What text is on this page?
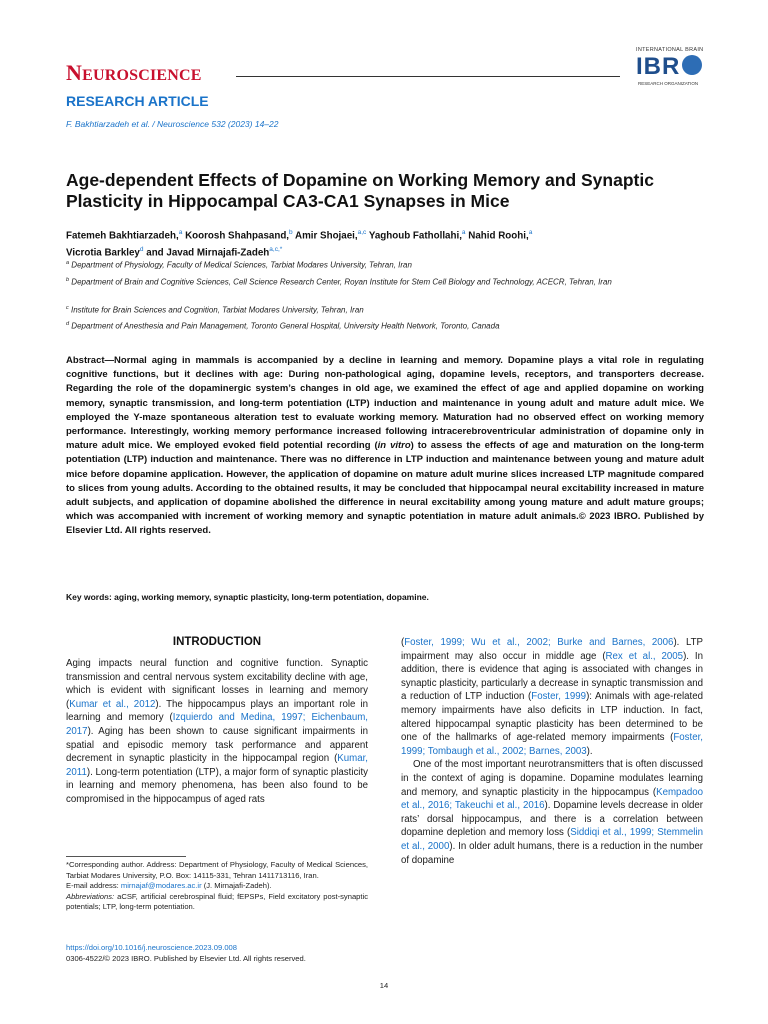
NEUROSCIENCE
INTERNATIONAL BRAIN
IBR
RESEARCH ORGANIZATION
RESEARCH ARTICLE
F. Bakhtiarzadeh et al. / Neuroscience 532 (2023) 14–22
Age-dependent Effects of Dopamine on Working Memory and Synaptic Plasticity in Hippocampal CA3-CA1 Synapses in Mice
Fatemeh Bakhtiarzadeh,$^a$ Koorosh Shahpasand,$^b$ Amir Shojaei,$^{a,c}$ Yaghoub Fathollahi,$^a$ Nahid Roohi,$^a$
Vicrotia Barkley$^d$ and Javad Mirnajafi-Zadeh$^{a,c,*}$
$^a$ Department of Physiology, Faculty of Medical Sciences, Tarbiat Modares University, Tehran, Iran
$^b$ Department of Brain and Cognitive Sciences, Cell Science Research Center, Royan Institute for Stem Cell Biology and Technology, ACECR, Tehran, Iran
$^c$ Institute for Brain Sciences and Cognition, Tarbiat Modares University, Tehran, Iran
$^d$ Department of Anesthesia and Pain Management, Toronto General Hospital, University Health Network, Toronto, Canada
Abstract—Normal aging in mammals is accompanied by a decline in learning and memory. Dopamine plays a vital role in regulating cognitive functions, but it declines with age: During non-pathological aging, dopamine levels, receptors, and transporters decrease. Regarding the role of the dopaminergic system’s changes in old age, we examined the effect of age and applied dopamine on working memory, synaptic transmission, and long-term potentiation (LTP) induction and maintenance in young adult and mature adult mice. We employed the Y-maze spontaneous alteration test to evaluate working memory. Maturation had no observed effect on working memory performance. Interestingly, working memory performance increased following intracerebroventricular administration of dopamine only in mature adult mice. We employed evoked field potential recording (in vitro) to assess the effects of age and maturation on the long-term potentiation (LTP) induction and maintenance. There was no difference in LTP induction and maintenance between young and mature adult mice before dopamine application. However, the application of dopamine on mature adult murine slices increased LTP magnitude compared to slices from young adults. According to the obtained results, it may be concluded that hippocampal neural excitability increased in mature adult subjects, and application of dopamine abolished the difference in neural excitability among young mature and adult mature groups; which was accompanied with increment of working memory and synaptic potentiation in mature adult animals.© 2023 IBRO. Published by Elsevier Ltd. All rights reserved.
Key words: aging, working memory, synaptic plasticity, long-term potentiation, dopamine.
INTRODUCTION

Aging impacts neural function and cognitive function. Synaptic transmission and central nervous system excitability decline with age, which is evident with significant losses in learning and memory (Kumar et al., 2012). The hippocampus plays an important role in learning and memory (Izquierdo and Medina, 1997; Eichenbaum, 2017). Aging has been shown to cause significant impairments in spatial and episodic memory task performance and apparent decrement in synaptic plasticity in the hippocampal region (Kumar, 2011). Long-term potentiation (LTP), a major form of synaptic plasticity in learning and memory phenomena, has been also found to be compromised in the hippocampus of aged rats

(Foster, 1999; Wu et al., 2002; Burke and Barnes, 2006). LTP impairment may also occur in middle age (Rex et al., 2005). In addition, there is evidence that aging is associated with changes in synaptic plasticity, particularly a decrease in synaptic transmission and a reduction of LTP induction (Foster, 1999): Animals with age-related memory impairments have also deficits in LTP induction. In fact, altered hippocampal synaptic plasticity has been determined to be one of the hallmarks of age-related memory impairments (Foster, 1999; Tombaugh et al., 2002; Barnes, 2003).

One of the most important neurotransmitters that is often discussed in the context of aging is dopamine. Dopamine modulates learning and memory, and synaptic plasticity in the hippocampus (Kempadoo et al., 2016; Takeuchi et al., 2016). Dopamine levels decrease in older rats’ dorsal hippocampus, and there is a correlation between dopamine depletion and memory loss (Siddiqi et al., 1999; Stemmelin et al., 2000). In older adult humans, there is a reduction in the number of dopamine

*Corresponding author. Address: Department of Physiology, Faculty of Medical Sciences, Tarbiat Modares University, P.O. Box: 14115-331, Tehran 1411713116, Iran.

E-mail address: mirnajaf@modares.ac.ir (J. Mirnajafi-Zadeh).

Abbreviations: aCSF, artificial cerebrospinal fluid; fEPSPs, Field excitatory post-synaptic potentials; LTP, long-term potentiation.

https://doi.org/10.1016/j.neuroscience.2023.09.008
0306-4522/© 2023 IBRO. Published by Elsevier Ltd. All rights reserved.
14
